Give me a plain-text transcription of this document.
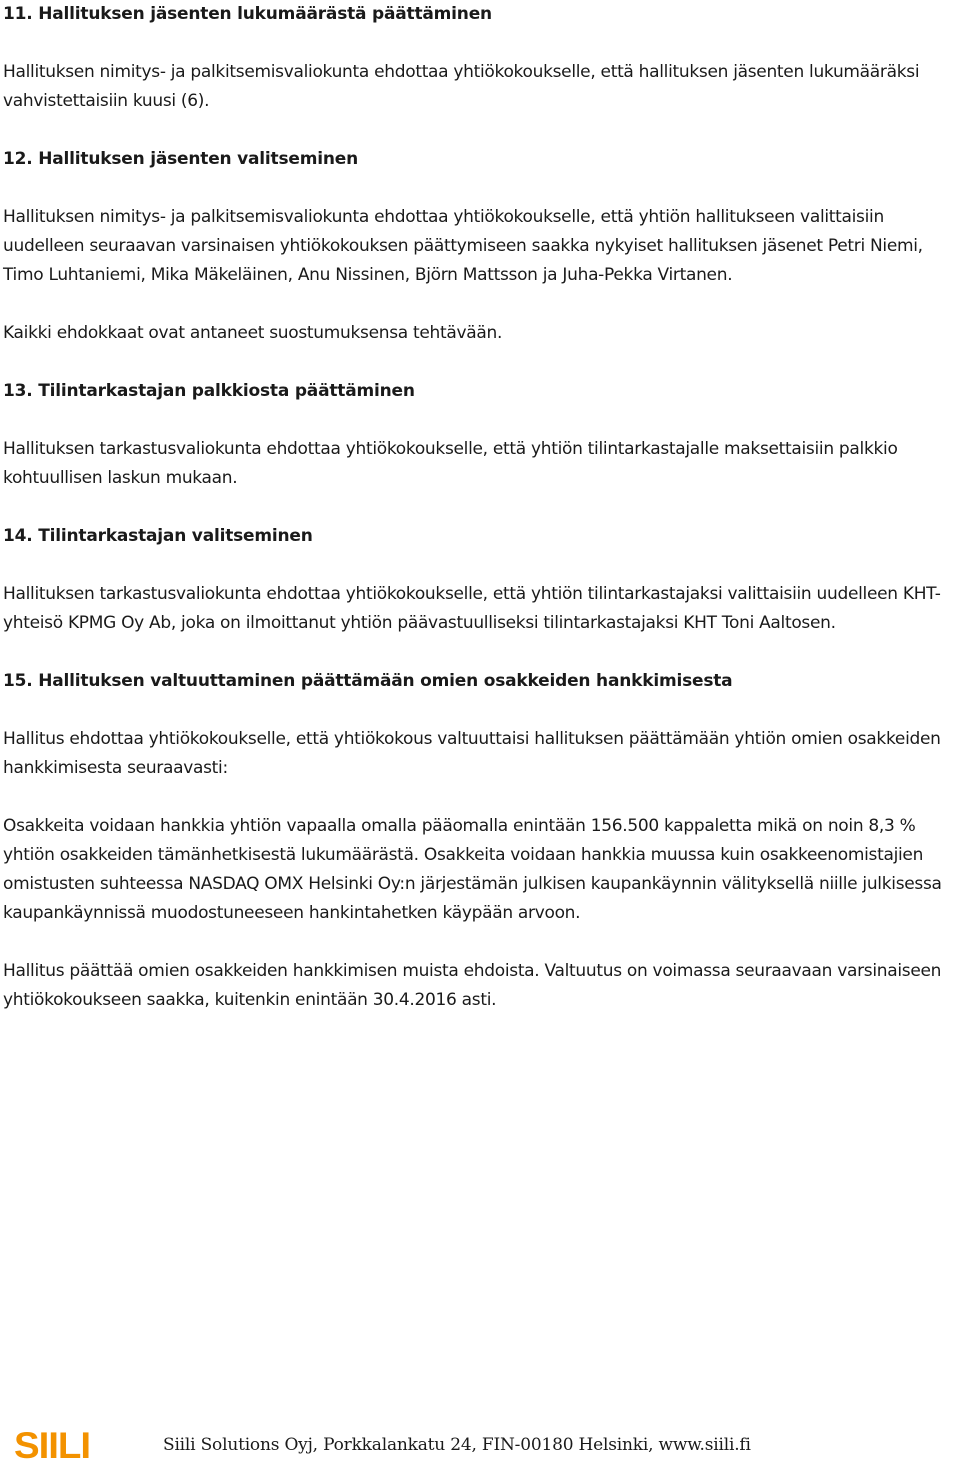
11. Hallituksen jäsenten lukumäärästä päättäminen

Hallituksen nimitys- ja palkitsemisvaliokunta ehdottaa yhtiökokoukselle, että hallituksen jäsenten lukumääräksi vahvistettaisiin kuusi (6).

12. Hallituksen jäsenten valitseminen

Hallituksen nimitys- ja palkitsemisvaliokunta ehdottaa yhtiökokoukselle, että yhtiön hallitukseen valittaisiin uudelleen seuraavan varsinaisen yhtiökokouksen päättymiseen saakka nykyiset hallituksen jäsenet Petri Niemi, Timo Luhtaniemi, Mika Mäkeläinen, Anu Nissinen, Björn Mattsson ja Juha-Pekka Virtanen.

Kaikki ehdokkaat ovat antaneet suostumuksensa tehtävään.

13. Tilintarkastajan palkkiosta päättäminen

Hallituksen tarkastusvaliokunta ehdottaa yhtiökokoukselle, että yhtiön tilintarkastajalle maksettaisiin palkkio kohtuullisen laskun mukaan.

14. Tilintarkastajan valitseminen

Hallituksen tarkastusvaliokunta ehdottaa yhtiökokoukselle, että yhtiön tilintarkastajaksi valittaisiin uudelleen KHT-yhteisö KPMG Oy Ab, joka on ilmoittanut yhtiön päävastuulliseksi tilintarkastajaksi KHT Toni Aaltosen.

15. Hallituksen valtuuttaminen päättämään omien osakkeiden hankkimisesta

Hallitus ehdottaa yhtiökokoukselle, että yhtiökokous valtuuttaisi hallituksen päättämään yhtiön omien osakkeiden hankkimisesta seuraavasti:

Osakkeita voidaan hankkia yhtiön vapaalla omalla pääomalla enintään 156.500 kappaletta mikä on noin 8,3 % yhtiön osakkeiden tämänhetkisestä lukumäärästä. Osakkeita voidaan hankkia muussa kuin osakkeenomistajien omistusten suhteessa NASDAQ OMX Helsinki Oy:n järjestämän julkisen kaupankäynnin välityksellä niille julkisessa kaupankäynnissä muodostuneeseen hankintahetken käypään arvoon.

Hallitus päättää omien osakkeiden hankkimisen muista ehdoista. Valtuutus on voimassa seuraavaan varsinaiseen yhtiökokoukseen saakka, kuitenkin enintään 30.4.2016 asti.

SIILI	Siili Solutions Oyj, Porkkalankatu 24, FIN-00180 Helsinki, www.siili.fi
